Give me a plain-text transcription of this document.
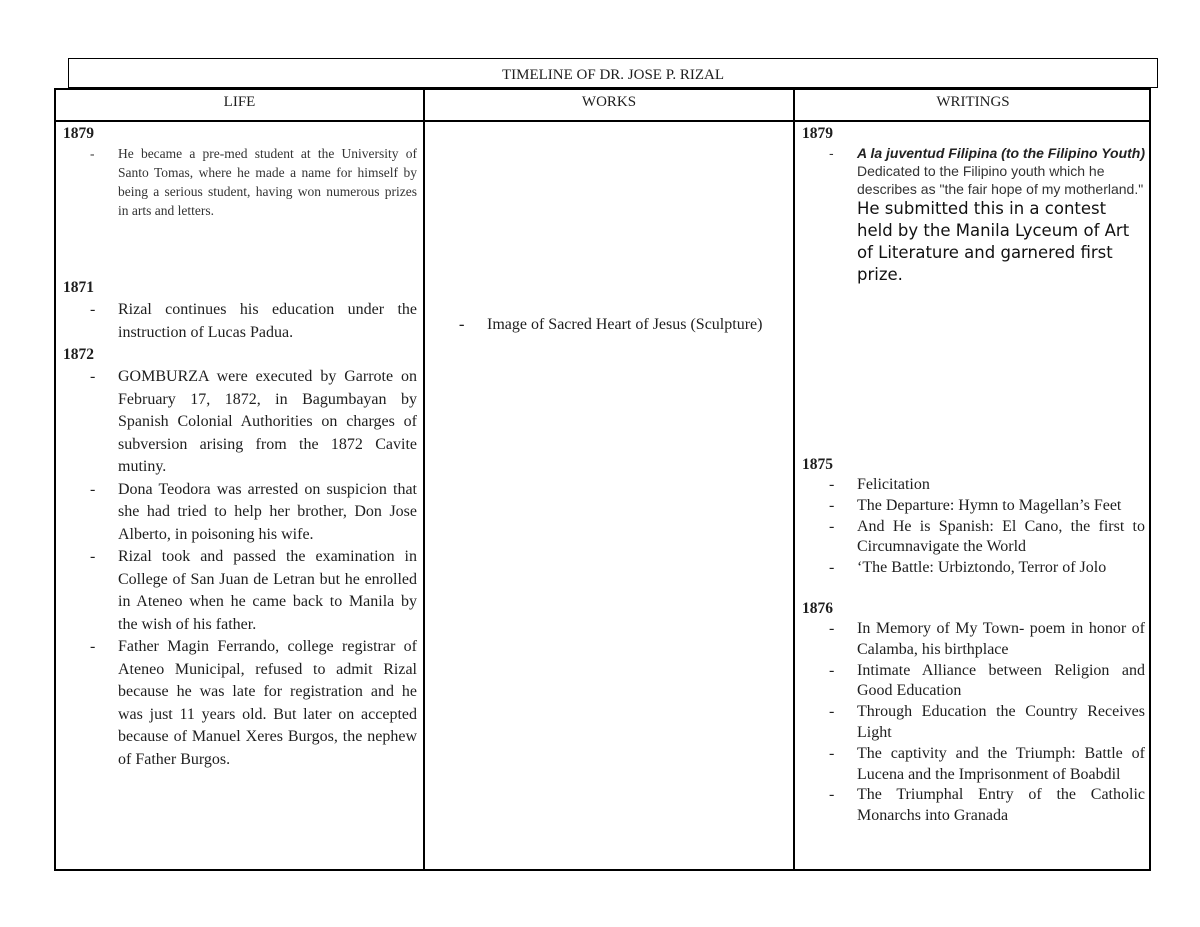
TIMELINE OF DR. JOSE P. RIZAL
LIFE	WORKS	WRITINGS
1879
- He became a pre-med student at the University of Santo Tomas, where he made a name for himself by being a serious student, having won numerous prizes in arts and letters.
1871
- Rizal continues his education under the instruction of Lucas Padua.
1872
- GOMBURZA were executed by Garrote on February 17, 1872, in Bagumbayan by Spanish Colonial Authorities on charges of subversion arising from the 1872 Cavite mutiny.
- Dona Teodora was arrested on suspicion that she had tried to help her brother, Don Jose Alberto, in poisoning his wife.
- Rizal took and passed the examination in College of San Juan de Letran but he enrolled in Ateneo when he came back to Manila by the wish of his father.
- Father Magin Ferrando, college registrar of Ateneo Municipal, refused to admit Rizal because he was late for registration and he was just 11 years old. But later on accepted because of Manuel Xeres Burgos, the nephew of Father Burgos.
- Image of Sacred Heart of Jesus (Sculpture)
1879
- A la juventud Filipina (to the Filipino Youth) Dedicated to the Filipino youth which he describes as "the fair hope of my motherland." He submitted this in a contest held by the Manila Lyceum of Art of Literature and garnered first prize.
1875
- Felicitation
- The Departure: Hymn to Magellan’s Feet
- And He is Spanish: El Cano, the first to Circumnavigate the World
- ‘The Battle: Urbiztondo, Terror of Jolo
1876
- In Memory of My Town- poem in honor of Calamba, his birthplace
- Intimate Alliance between Religion and Good Education
- Through Education the Country Receives Light
- The captivity and the Triumph: Battle of Lucena and the Imprisonment of Boabdil
- The Triumphal Entry of the Catholic Monarchs into Granada
